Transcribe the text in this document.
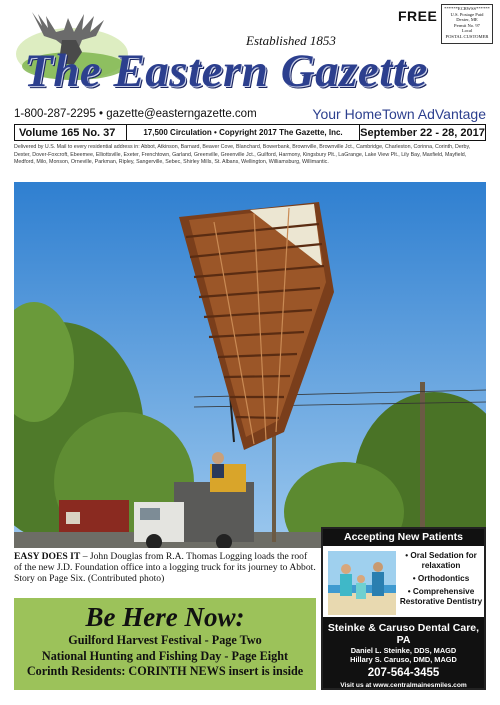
FREE	******ECRWSS******
U.S. Postage Paid
Dexter, ME
Permit No. 97
Local
POSTAL CUSTOMER
Established 1853
The Eastern Gazette
1-800-287-2295 • gazette@easterngazette.com	Your HomeTown AdVantage
Volume 165 No. 37	17,500 Circulation • Copyright 2017 The Gazette, Inc.	September 22 - 28, 2017
Delivered by U.S. Mail to every residential address in: Abbot, Atkinson, Barnard, Beaver Cove, Blanchard, Bowerbank, Brownville, Brownville Jct., Cambridge, Charleston, Corinna, Corinth, Derby, Dexter, Dover-Foxcroft, Ebeemee, Elliottsville, Exeter, Frenchtown, Garland, Greenville, Greenville Jct., Guilford, Harmony, Kingsbury Plt., LaGrange, Lake View Plt., Lily Bay, Maxfield, Mayfield, Medford, Milo, Monson, Orneville, Parkman, Ripley, Sangerville, Sebec, Shirley Mills, St. Albans, Wellington, Williamsburg, Willimantic.
EASY DOES IT – John Douglas from R.A. Thomas Logging loads the roof of the new J.D. Foundation office into a logging truck for its journey to Abbot. Story on Page Six. (Contributed photo)
Be Here Now:
Guilford Harvest Festival - Page Two
National Hunting and Fishing Day - Page Eight
Corinth Residents: CORINTH NEWS insert is inside
Accepting New Patients
• Oral Sedation for relaxation
• Orthodontics
• Comprehensive Restorative Dentistry
Steinke & Caruso Dental Care, PA
Daniel L. Steinke, DDS, MAGD
Hillary S. Caruso, DMD, MAGD
207-564-3455
Visit us at www.centralmainesmiles.com
